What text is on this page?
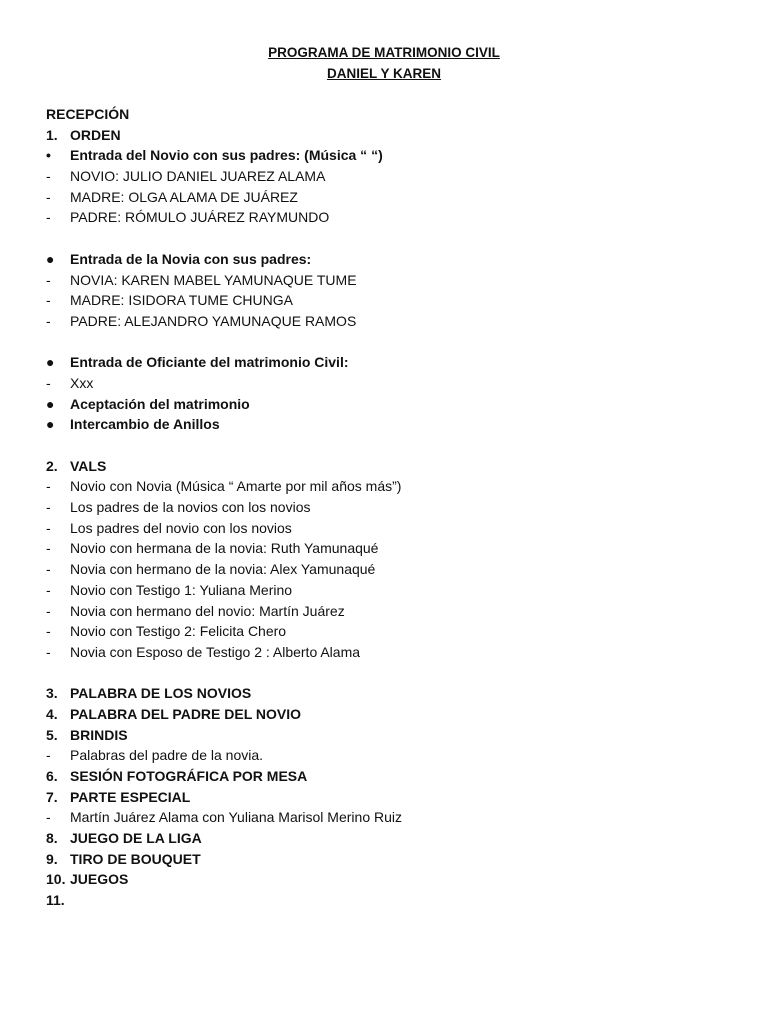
PROGRAMA DE MATRIMONIO CIVIL
DANIEL Y KAREN
RECEPCIÓN
1. ORDEN
• Entrada del Novio con sus padres: (Música “ “)
- NOVIO: JULIO DANIEL JUAREZ ALAMA
- MADRE: OLGA ALAMA DE JUÁREZ
- PADRE: RÓMULO JUÁREZ RAYMUNDO
● Entrada de la Novia con sus padres:
- NOVIA: KAREN MABEL YAMUNAQUE TUME
- MADRE: ISIDORA TUME CHUNGA
- PADRE: ALEJANDRO YAMUNAQUE RAMOS
● Entrada de Oficiante del matrimonio Civil:
- Xxx
● Aceptación del matrimonio
● Intercambio de Anillos
2. VALS
- Novio con Novia (Música “ Amarte por mil años más”)
- Los padres de la novios con los novios
- Los padres del novio con los novios
- Novio con hermana de la novia: Ruth Yamunaqué
- Novia con hermano de la novia: Alex Yamunaqué
- Novio con Testigo 1: Yuliana Merino
- Novia con hermano del novio: Martín Juárez
- Novio con Testigo 2: Felicita Chero
- Novia con Esposo de Testigo 2 : Alberto Alama
3. PALABRA DE LOS NOVIOS
4. PALABRA DEL PADRE DEL NOVIO
5. BRINDIS
- Palabras del padre de la novia.
6. SESIÓN FOTOGRÁFICA POR MESA
7. PARTE ESPECIAL
- Martín Juárez Alama con Yuliana Marisol Merino Ruiz
8. JUEGO DE LA LIGA
9. TIRO DE BOUQUET
10. JUEGOS
11.
